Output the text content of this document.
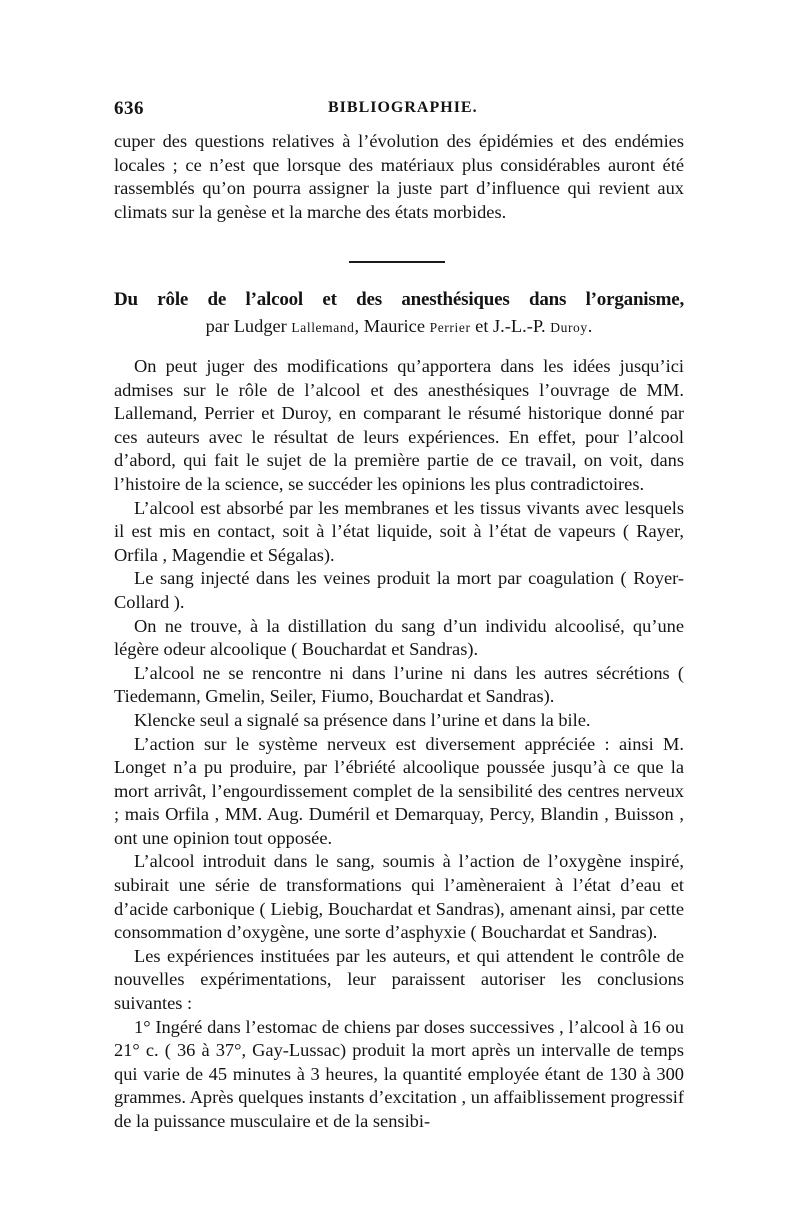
636	BIBLIOGRAPHIE.

cuper des questions relatives à l’évolution des épidémies et des endémies locales ; ce n’est que lorsque des matériaux plus considérables auront été rassemblés qu’on pourra assigner la juste part d’influence qui revient aux climats sur la genèse et la marche des états morbides.

Du rôle de l’alcool et des anesthésiques dans l’organisme,
par Ludger Lallemand, Maurice Perrier et J.-L.-P. Duroy.

On peut juger des modifications qu’apportera dans les idées jusqu’ici admises sur le rôle de l’alcool et des anesthésiques l’ouvrage de MM. Lallemand, Perrier et Duroy, en comparant le résumé historique donné par ces auteurs avec le résultat de leurs expériences. En effet, pour l’alcool d’abord, qui fait le sujet de la première partie de ce travail, on voit, dans l’histoire de la science, se succéder les opinions les plus contradictoires.

L’alcool est absorbé par les membranes et les tissus vivants avec lesquels il est mis en contact, soit à l’état liquide, soit à l’état de vapeurs ( Rayer, Orfila , Magendie et Ségalas).

Le sang injecté dans les veines produit la mort par coagulation ( Royer-Collard ).

On ne trouve, à la distillation du sang d’un individu alcoolisé, qu’une légère odeur alcoolique ( Bouchardat et Sandras).

L’alcool ne se rencontre ni dans l’urine ni dans les autres sécrétions ( Tiedemann, Gmelin, Seiler, Fiumo, Bouchardat et Sandras).

Klencke seul a signalé sa présence dans l’urine et dans la bile.

L’action sur le système nerveux est diversement appréciée : ainsi M. Longet n’a pu produire, par l’ébriété alcoolique poussée jusqu’à ce que la mort arrivât, l’engourdissement complet de la sensibilité des centres nerveux ; mais Orfila , MM. Aug. Duméril et Demarquay, Percy, Blandin , Buisson , ont une opinion tout opposée.

L’alcool introduit dans le sang, soumis à l’action de l’oxygène inspiré, subirait une série de transformations qui l’amèneraient à l’état d’eau et d’acide carbonique ( Liebig, Bouchardat et Sandras), amenant ainsi, par cette consommation d’oxygène, une sorte d’asphyxie ( Bouchardat et Sandras).

Les expériences instituées par les auteurs, et qui attendent le contrôle de nouvelles expérimentations, leur paraissent autoriser les conclusions suivantes :

1° Ingéré dans l’estomac de chiens par doses successives , l’alcool à 16 ou 21° c. ( 36 à 37°, Gay-Lussac) produit la mort après un intervalle de temps qui varie de 45 minutes à 3 heures, la quantité employée étant de 130 à 300 grammes. Après quelques instants d’excitation , un affaiblissement progressif de la puissance musculaire et de la sensibi-
